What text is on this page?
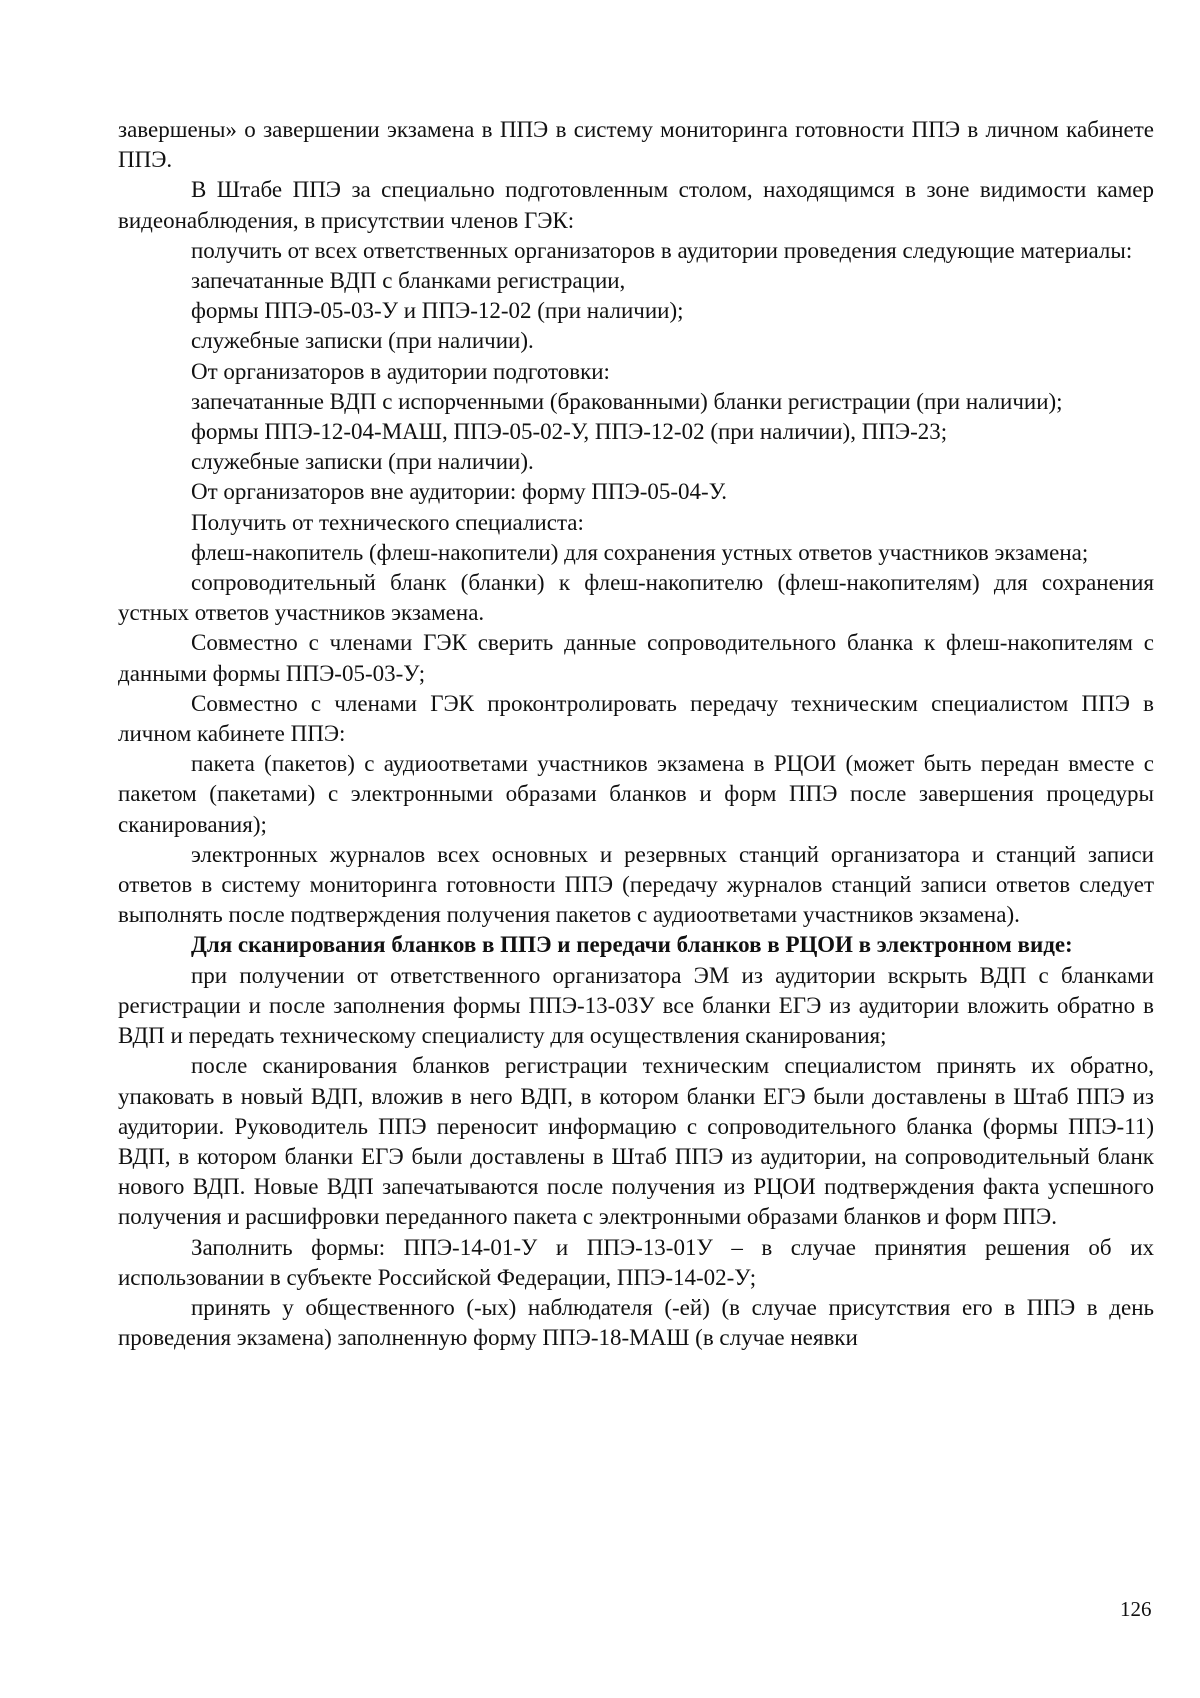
завершены» о завершении экзамена в ППЭ в систему мониторинга готовности ППЭ в личном кабинете ППЭ.

В Штабе ППЭ за специально подготовленным столом, находящимся в зоне видимости камер видеонаблюдения, в присутствии членов ГЭК:

получить от всех ответственных организаторов в аудитории проведения следующие материалы:

запечатанные ВДП с бланками регистрации,

формы ППЭ-05-03-У и ППЭ-12-02 (при наличии);

служебные записки (при наличии).

От организаторов в аудитории подготовки:

запечатанные ВДП с испорченными (бракованными) бланки регистрации (при наличии);

формы ППЭ-12-04-МАШ, ППЭ-05-02-У, ППЭ-12-02 (при наличии), ППЭ-23;

служебные записки (при наличии).

От организаторов вне аудитории: форму ППЭ-05-04-У.

Получить от технического специалиста:

флеш-накопитель (флеш-накопители) для сохранения устных ответов участников экзамена;

сопроводительный бланк (бланки) к флеш-накопителю (флеш-накопителям) для сохранения устных ответов участников экзамена.

Совместно с членами ГЭК сверить данные сопроводительного бланка к флеш-накопителям с данными формы ППЭ-05-03-У;

Совместно с членами ГЭК проконтролировать передачу техническим специалистом ППЭ в личном кабинете ППЭ:

пакета (пакетов) с аудиоответами участников экзамена в РЦОИ (может быть передан вместе с пакетом (пакетами) с электронными образами бланков и форм ППЭ после завершения процедуры сканирования);

электронных журналов всех основных и резервных станций организатора и станций записи ответов в систему мониторинга готовности ППЭ (передачу журналов станций записи ответов следует выполнять после подтверждения получения пакетов с аудиоответами участников экзамена).

Для сканирования бланков в ППЭ и передачи бланков в РЦОИ в электронном виде:

при получении от ответственного организатора ЭМ из аудитории вскрыть ВДП с бланками регистрации и после заполнения формы ППЭ-13-03У все бланки ЕГЭ из аудитории вложить обратно в ВДП и передать техническому специалисту для осуществления сканирования;

после сканирования бланков регистрации техническим специалистом принять их обратно, упаковать в новый ВДП, вложив в него ВДП, в котором бланки ЕГЭ были доставлены в Штаб ППЭ из аудитории. Руководитель ППЭ переносит информацию с сопроводительного бланка (формы ППЭ-11) ВДП, в котором бланки ЕГЭ были доставлены в Штаб ППЭ из аудитории, на сопроводительный бланк нового ВДП. Новые ВДП запечатываются после получения из РЦОИ подтверждения факта успешного получения и расшифровки переданного пакета с электронными образами бланков и форм ППЭ.

Заполнить формы: ППЭ-14-01-У и ППЭ-13-01У – в случае принятия решения об их использовании в субъекте Российской Федерации, ППЭ-14-02-У;

принять у общественного (-ых) наблюдателя (-ей) (в случае присутствия его в ППЭ в день проведения экзамена) заполненную форму ППЭ-18-МАШ (в случае неявки

126
